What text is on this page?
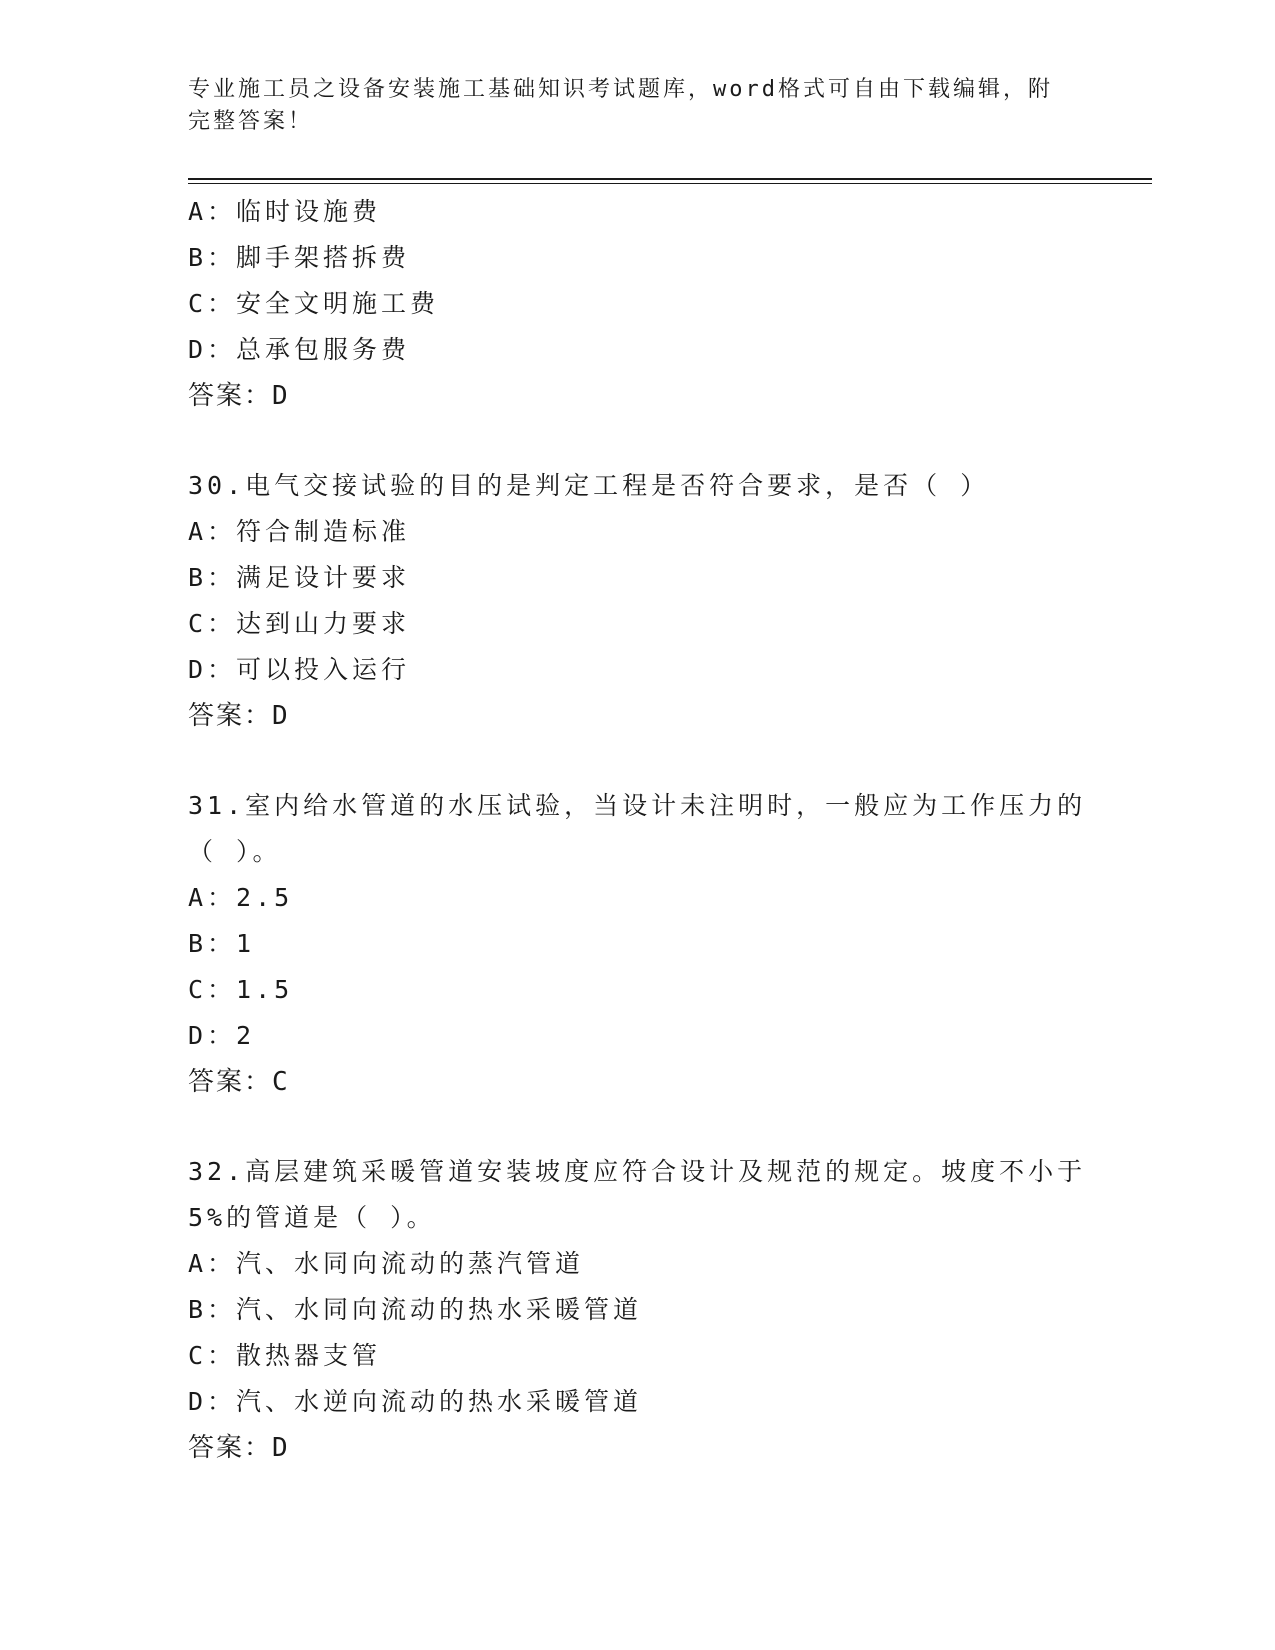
专业施工员之设备安装施工基础知识考试题库，word格式可自由下载编辑，附完整答案！
A：临时设施费
B：脚手架搭拆费
C：安全文明施工费
D：总承包服务费
答案：D
30.电气交接试验的目的是判定工程是否符合要求，是否（ ）
A：符合制造标准
B：满足设计要求
C：达到山力要求
D：可以投入运行
答案：D
31.室内给水管道的水压试验，当设计未注明时，一般应为工作压力的（ ）。
A：2.5
B：1
C：1.5
D：2
答案：C
32.高层建筑采暖管道安装坡度应符合设计及规范的规定。坡度不小于5%的管道是（ ）。
A：汽、水同向流动的蒸汽管道
B：汽、水同向流动的热水采暖管道
C：散热器支管
D：汽、水逆向流动的热水采暖管道
答案：D
